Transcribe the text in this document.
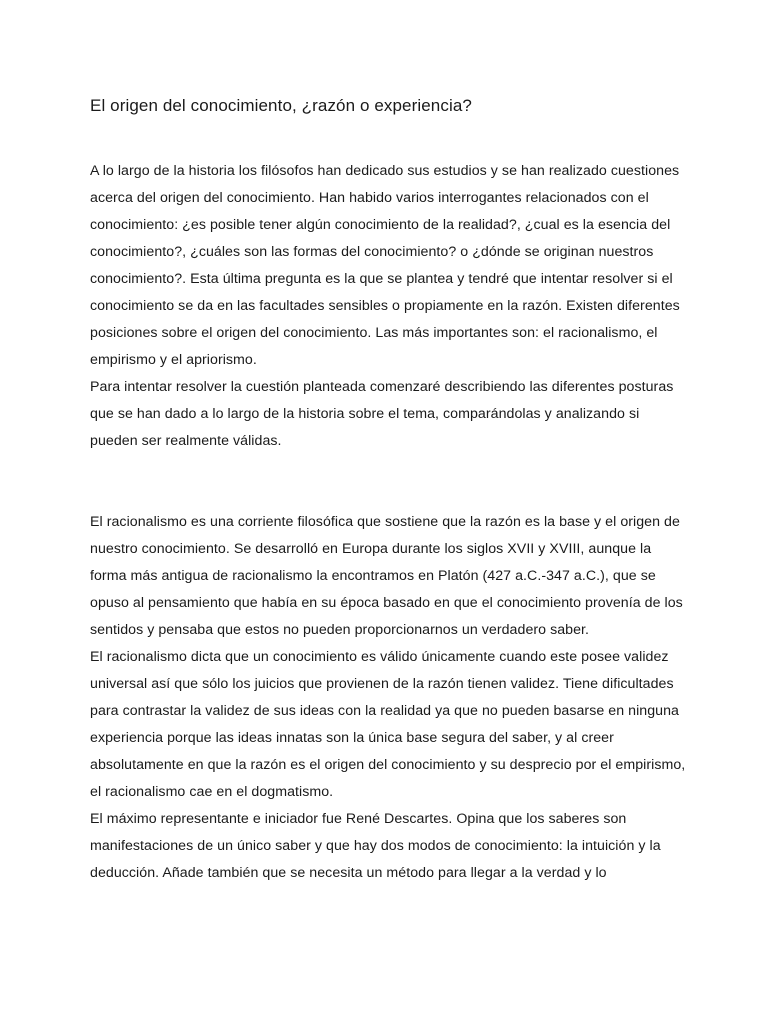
El origen del conocimiento, ¿razón o experiencia?

A lo largo de la historia los filósofos han dedicado sus estudios y se han realizado cuestiones acerca del origen del conocimiento. Han habido varios interrogantes relacionados con el conocimiento: ¿es posible tener algún conocimiento de la realidad?, ¿cual es la esencia del conocimiento?, ¿cuáles son las formas del conocimiento? o ¿dónde se originan nuestros conocimiento?. Esta última pregunta es la que se plantea y tendré que intentar resolver si el conocimiento se da en las facultades sensibles o propiamente en la razón. Existen diferentes posiciones sobre el origen del conocimiento. Las más importantes son: el racionalismo, el empirismo y el apriorismo.

Para intentar resolver la cuestión planteada comenzaré describiendo las diferentes posturas que se han dado a lo largo de la historia sobre el tema, comparándolas y analizando si pueden ser realmente válidas.

El racionalismo es una corriente filosófica que sostiene que la razón es la base y el origen de nuestro conocimiento. Se desarrolló en Europa durante los siglos XVII y XVIII, aunque la forma más antigua de racionalismo la encontramos en Platón (427 a.C.-347 a.C.), que se opuso al pensamiento que había en su época basado en que el conocimiento provenía de los sentidos y pensaba que estos no pueden proporcionarnos un verdadero saber.

El racionalismo dicta que un conocimiento es válido únicamente cuando este posee validez universal así que sólo los juicios que provienen de la razón tienen validez. Tiene dificultades para contrastar la validez de sus ideas con la realidad ya que no pueden basarse en ninguna experiencia porque las ideas innatas son la única base segura del saber, y al creer absolutamente en que la razón es el origen del conocimiento y su desprecio por el empirismo, el racionalismo cae en el dogmatismo.

El máximo representante e iniciador fue René Descartes. Opina que los saberes son manifestaciones de un único saber y que hay dos modos de conocimiento: la intuición y la deducción. Añade también que se necesita un método para llegar a la verdad y lo
